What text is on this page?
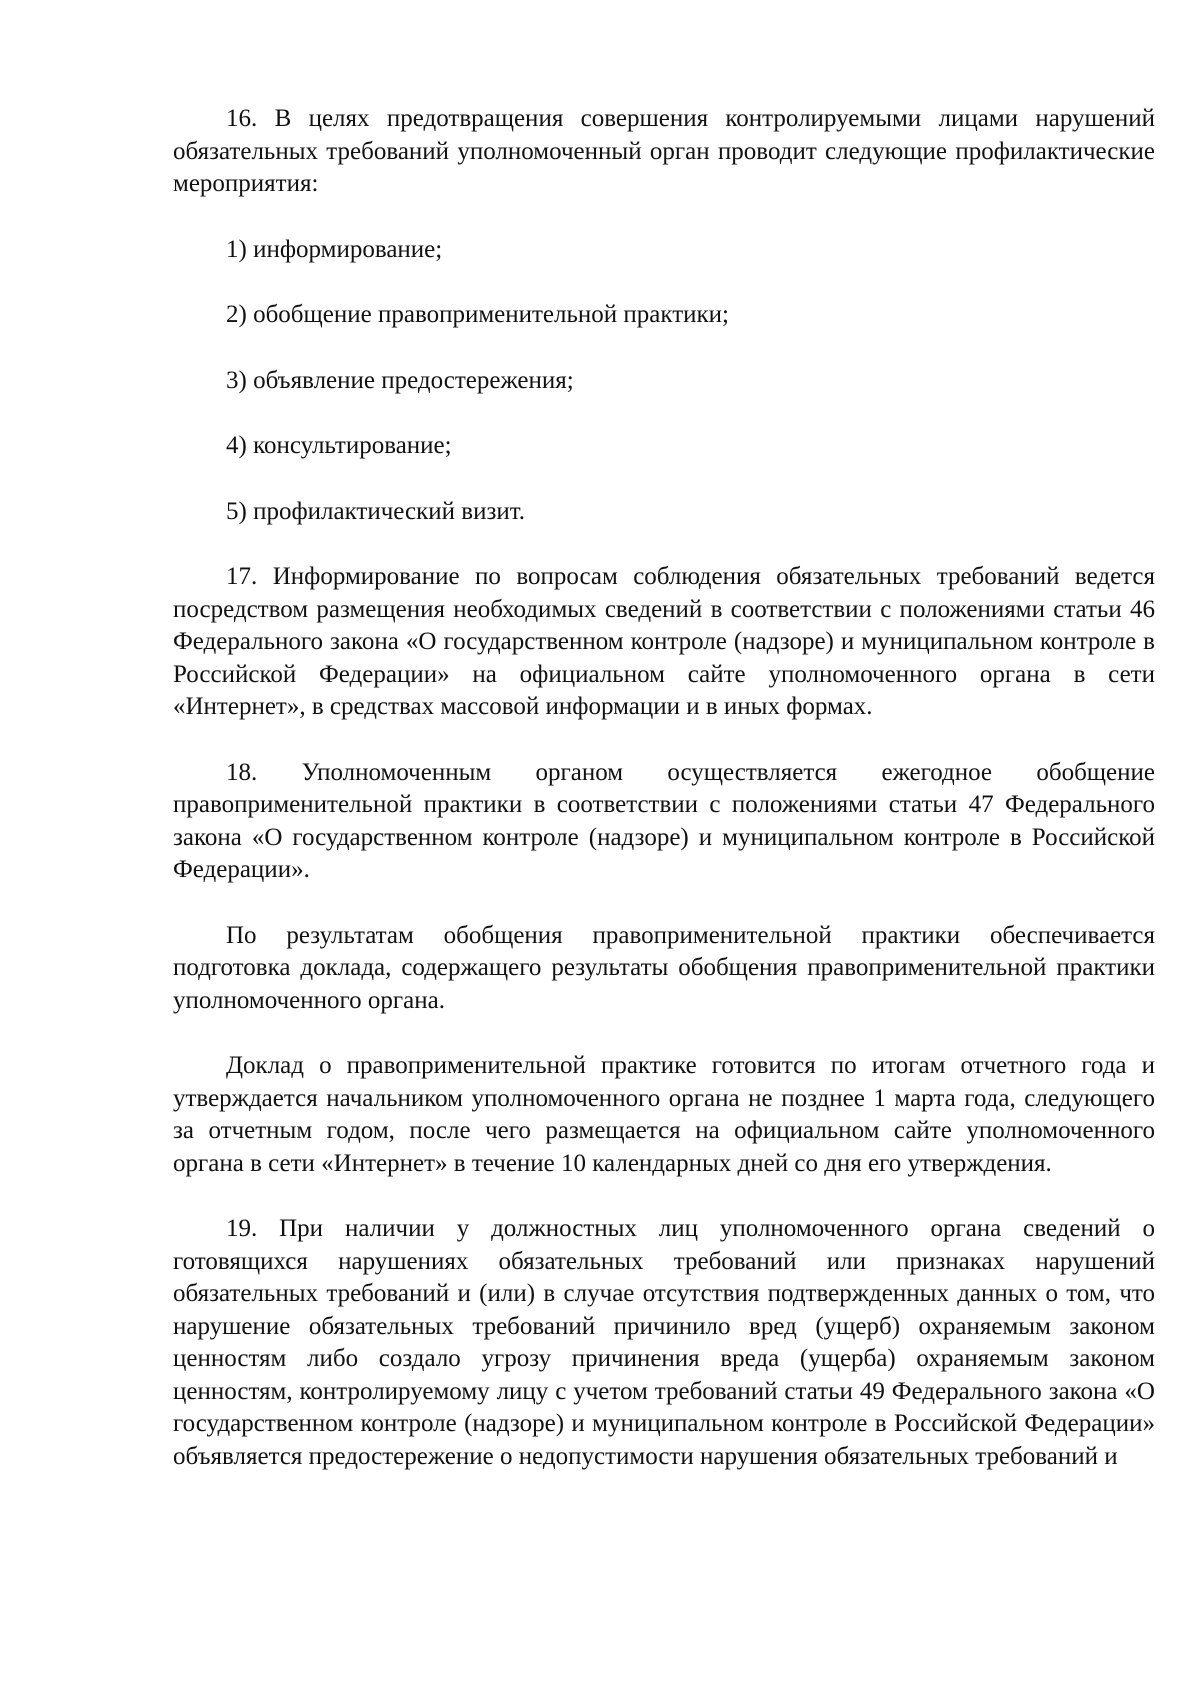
16. В целях предотвращения совершения контролируемыми лицами нарушений обязательных требований уполномоченный орган проводит следующие профилактические мероприятия:

1) информирование;

2) обобщение правоприменительной практики;

3) объявление предостережения;

4) консультирование;

5) профилактический визит.

17. Информирование по вопросам соблюдения обязательных требований ведется посредством размещения необходимых сведений в соответствии с положениями статьи 46 Федерального закона «О государственном контроле (надзоре) и муниципальном контроле в Российской Федерации» на официальном сайте уполномоченного органа в сети «Интернет», в средствах массовой информации и в иных формах.

18. Уполномоченным органом осуществляется ежегодное обобщение правоприменительной практики в соответствии с положениями статьи 47 Федерального закона «О государственном контроле (надзоре) и муниципальном контроле в Российской Федерации».

По результатам обобщения правоприменительной практики обеспечивается подготовка доклада, содержащего результаты обобщения правоприменительной практики уполномоченного органа.

Доклад о правоприменительной практике готовится по итогам отчетного года и утверждается начальником уполномоченного органа не позднее 1 марта года, следующего за отчетным годом, после чего размещается на официальном сайте уполномоченного органа в сети «Интернет» в течение 10 календарных дней со дня его утверждения.

19. При наличии у должностных лиц уполномоченного органа сведений о готовящихся нарушениях обязательных требований или признаках нарушений обязательных требований и (или) в случае отсутствия подтвержденных данных о том, что нарушение обязательных требований причинило вред (ущерб) охраняемым законом ценностям либо создало угрозу причинения вреда (ущерба) охраняемым законом ценностям, контролируемому лицу с учетом требований статьи 49 Федерального закона «О государственном контроле (надзоре) и муниципальном контроле в Российской Федерации» объявляется предостережение о недопустимости нарушения обязательных требований и
